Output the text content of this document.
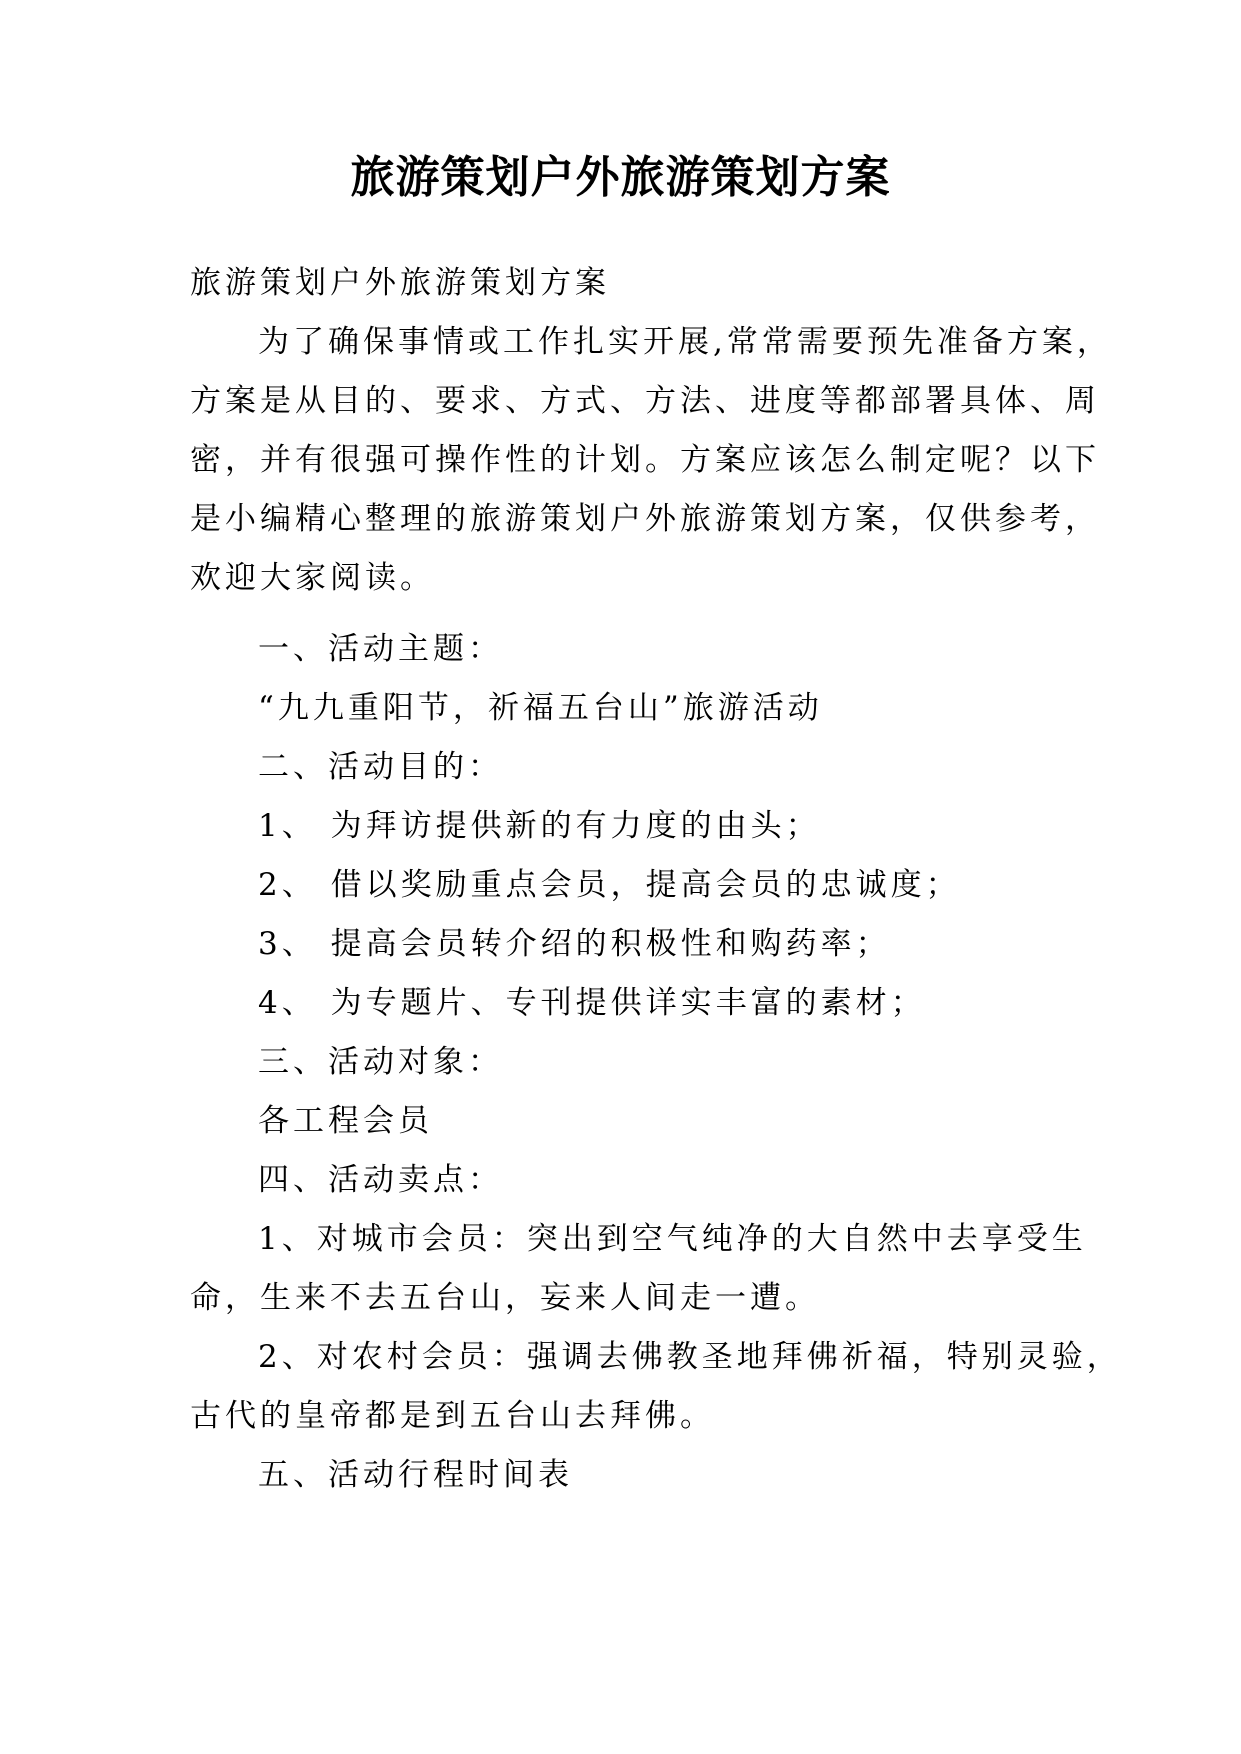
旅游策划户外旅游策划方案
旅游策划户外旅游策划方案
为了确保事情或工作扎实开展,常常需要预先准备方案，
方案是从目的、要求、方式、方法、进度等都部署具体、周
密，并有很强可操作性的计划。方案应该怎么制定呢？以下
是小编精心整理的旅游策划户外旅游策划方案，仅供参考，
欢迎大家阅读。
一、活动主题：
“九九重阳节，祈福五台山”旅游活动
二、活动目的：
1、 为拜访提供新的有力度的由头；
2、 借以奖励重点会员，提高会员的忠诚度；
3、 提高会员转介绍的积极性和购药率；
4、 为专题片、专刊提供详实丰富的素材；
三、活动对象：
各工程会员
四、活动卖点：
1、对城市会员：突出到空气纯净的大自然中去享受生
命，生来不去五台山，妄来人间走一遭。
2、对农村会员：强调去佛教圣地拜佛祈福，特别灵验，
古代的皇帝都是到五台山去拜佛。
五、活动行程时间表
